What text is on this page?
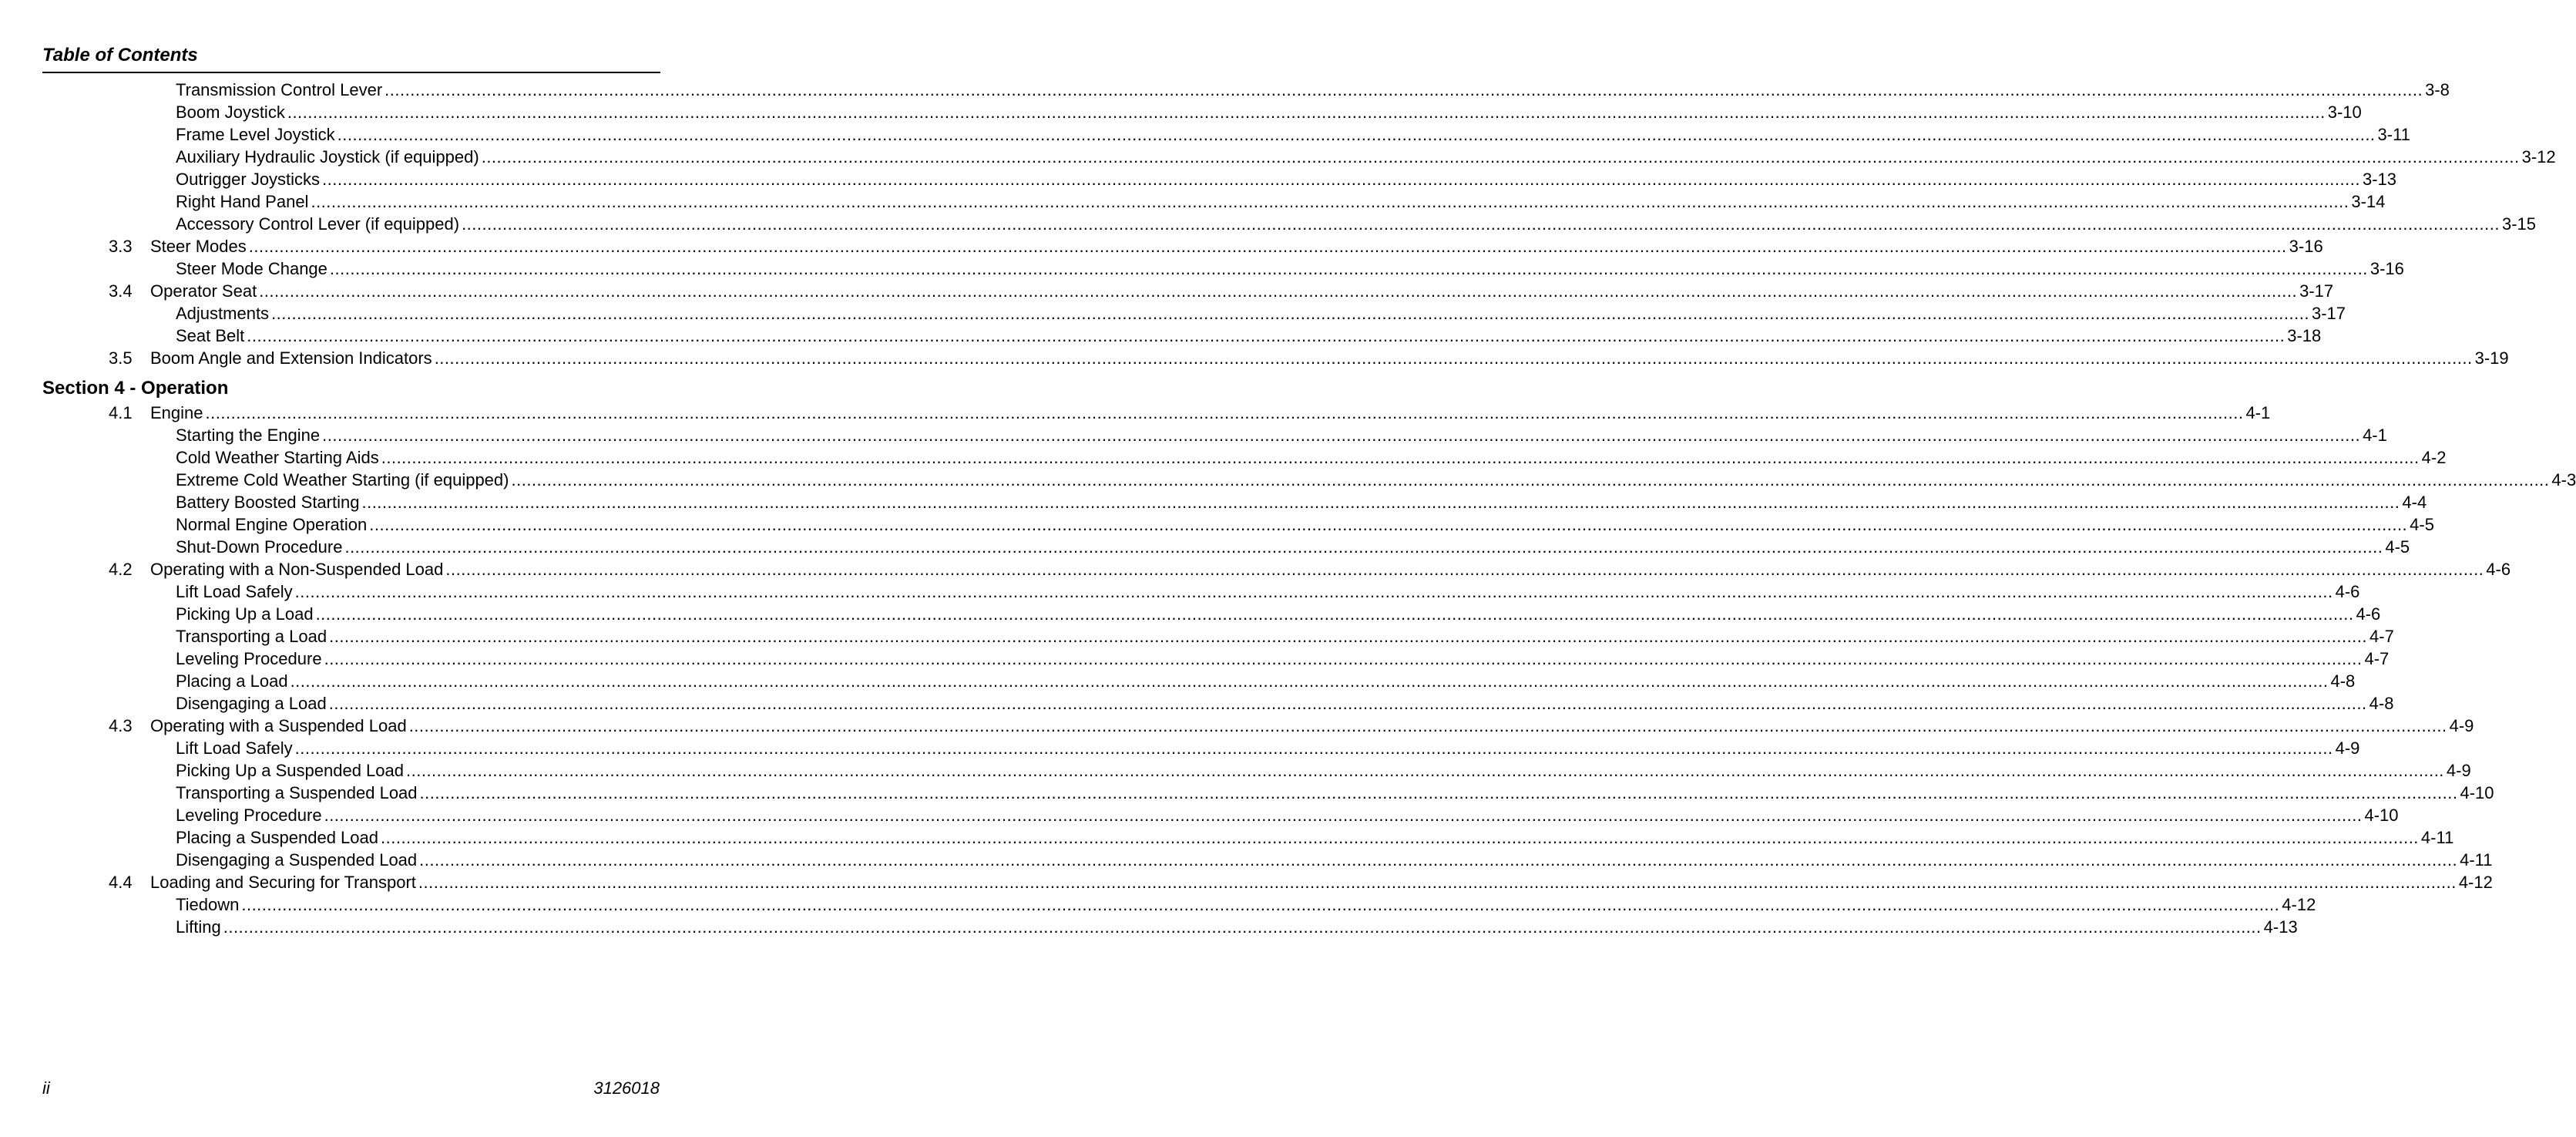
Table of Contents
Transmission Control Lever ................................................................................................................................................................................................................................................................................................................................................................................................................ 3-8
Boom Joystick ................................................................................................................................................................................................................................................................................................................................................................................................................ 3-10
Frame Level Joystick ................................................................................................................................................................................................................................................................................................................................................................................................................ 3-11
Auxiliary Hydraulic Joystick (if equipped) ................................................................................................................................................................................................................................................................................................................................................................................................................ 3-12
Outrigger Joysticks ................................................................................................................................................................................................................................................................................................................................................................................................................ 3-13
Right Hand Panel ................................................................................................................................................................................................................................................................................................................................................................................................................ 3-14
Accessory Control Lever (if equipped) ................................................................................................................................................................................................................................................................................................................................................................................................................ 3-15
3.3	Steer Modes ................................................................................................................................................................................................................................................................................................................................................................................................................ 3-16
Steer Mode Change ................................................................................................................................................................................................................................................................................................................................................................................................................ 3-16
3.4	Operator Seat ................................................................................................................................................................................................................................................................................................................................................................................................................ 3-17
Adjustments ................................................................................................................................................................................................................................................................................................................................................................................................................ 3-17
Seat Belt ................................................................................................................................................................................................................................................................................................................................................................................................................ 3-18
3.5	Boom Angle and Extension Indicators ................................................................................................................................................................................................................................................................................................................................................................................................................ 3-19
Section 4 - Operation
4.1	Engine ................................................................................................................................................................................................................................................................................................................................................................................................................ 4-1
Starting the Engine ................................................................................................................................................................................................................................................................................................................................................................................................................ 4-1
Cold Weather Starting Aids ................................................................................................................................................................................................................................................................................................................................................................................................................ 4-2
Extreme Cold Weather Starting (if equipped) ................................................................................................................................................................................................................................................................................................................................................................................................................ 4-3
Battery Boosted Starting ................................................................................................................................................................................................................................................................................................................................................................................................................ 4-4
Normal Engine Operation ................................................................................................................................................................................................................................................................................................................................................................................................................ 4-5
Shut-Down Procedure ................................................................................................................................................................................................................................................................................................................................................................................................................ 4-5
4.2	Operating with a Non-Suspended Load ................................................................................................................................................................................................................................................................................................................................................................................................................ 4-6
Lift Load Safely ................................................................................................................................................................................................................................................................................................................................................................................................................ 4-6
Picking Up a Load ................................................................................................................................................................................................................................................................................................................................................................................................................ 4-6
Transporting a Load ................................................................................................................................................................................................................................................................................................................................................................................................................ 4-7
Leveling Procedure ................................................................................................................................................................................................................................................................................................................................................................................................................ 4-7
Placing a Load ................................................................................................................................................................................................................................................................................................................................................................................................................ 4-8
Disengaging a Load ................................................................................................................................................................................................................................................................................................................................................................................................................ 4-8
4.3	Operating with a Suspended Load ................................................................................................................................................................................................................................................................................................................................................................................................................ 4-9
Lift Load Safely ................................................................................................................................................................................................................................................................................................................................................................................................................ 4-9
Picking Up a Suspended Load ................................................................................................................................................................................................................................................................................................................................................................................................................ 4-9
Transporting a Suspended Load ................................................................................................................................................................................................................................................................................................................................................................................................................ 4-10
Leveling Procedure ................................................................................................................................................................................................................................................................................................................................................................................................................ 4-10
Placing a Suspended Load ................................................................................................................................................................................................................................................................................................................................................................................................................ 4-11
Disengaging a Suspended Load ................................................................................................................................................................................................................................................................................................................................................................................................................ 4-11
4.4	Loading and Securing for Transport ................................................................................................................................................................................................................................................................................................................................................................................................................ 4-12
Tiedown ................................................................................................................................................................................................................................................................................................................................................................................................................ 4-12
Lifting ................................................................................................................................................................................................................................................................................................................................................................................................................ 4-13
ii	3126018
